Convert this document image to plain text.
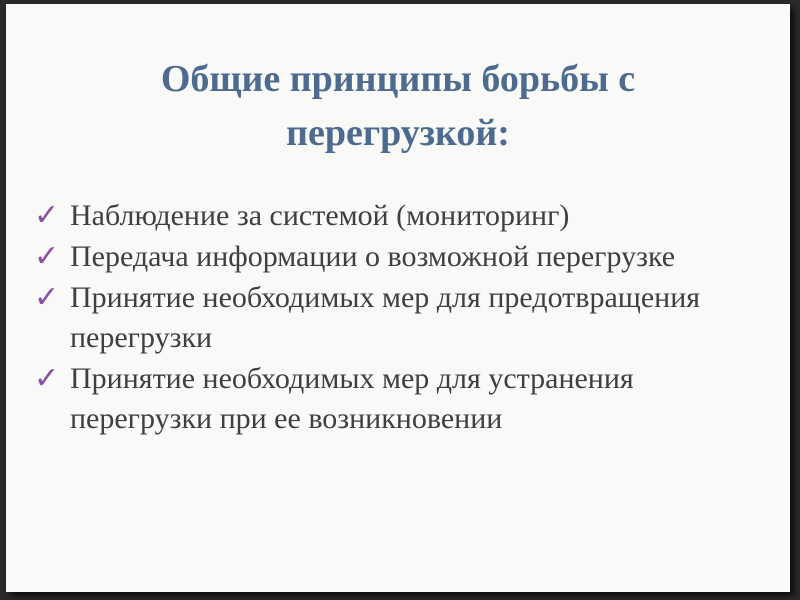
Общие принципы борьбы с
перегрузкой:
✓ Наблюдение за системой (мониторинг)
✓ Передача информации о возможной перегрузке
✓ Принятие необходимых мер для предотвращения перегрузки
✓ Принятие необходимых мер для устранения перегрузки при ее возникновении
